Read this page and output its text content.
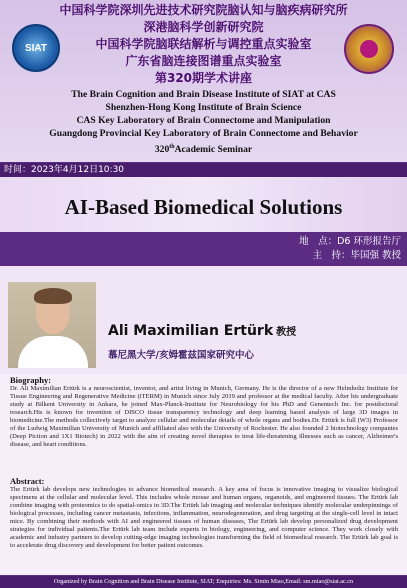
SIAT
中国科学院深圳先进技术研究院脑认知与脑疾病研究所
深港脑科学创新研究院
中国科学院脑联结解析与调控重点实验室
广东省脑连接图谱重点实验室
第320期学术讲座
The Brain Cognition and Brain Disease Institute of SIAT at CAS
Shenzhen-Hong Kong Institute of Brain Science
CAS Key Laboratory of Brain Connectome and Manipulation
Guangdong Provincial Key Laboratory of Brain Connectome and Behavior
320thAcademic Seminar
时间：2023年4月12日10:30
AI-Based Biomedical Solutions
地　点：D6 环形报告厅
主　持：毕国强 教授
Ali Maximilian Ertürk 教授
慕尼黑大学/亥姆霍兹国家研究中心
Biography:
Dr. Ali Maximilian Ertürk is a neuroscientist, inventor, and artist living in Munich, Germany. He is the director of a new Helmholtz Institute for Tissue Engineering and Regenerative Medicine (iTERM) in Munich since July 2019 and professor at the medical faculty. After his undergraduate study at Bilkent University in Ankara, he joined Max-Planck-Institute for Neurobiology for his PhD and Genentech Inc. for postdoctoral research.His is known for invention of DISCO tissue transparency technology and deep learning based analysis of large 3D images in biomedicine.The methods collectively target to analyze cellular and molecular details of whole organs and bodies.Dr. Ertürk is full (W3) Professor of the Ludwig Maximilian University of Munich and affiliated also with the University of Rochester. He also founded 2 biotechnology companies (Deep Piction and 1X1 Biotech) in 2022 with the aim of creating novel therapies to treat life-threatening illnesses such as cancer, Alzheimer's disease, and heart conditions.
Abstract:
The Ertürk lab develops new technologies to advance biomedical research. A key area of focus is innovative imaging to visualize biological specimens at the cellular and molecular level. This includes whole mouse and human organs, organoids, and engineered tissues. The Ertürk lab combine imaging with proteomics to do spatial-omics in 3D.The Ertürk lab imaging and molecular techniques identify molecular underpinnings of biological processes, including cancer metastasis, infections, inflammation, neurodegeneration, and drug targeting at the single-cell level in intact mice. By combining their methods with AI and engineered tissues of human diseases, The Ertürk lab develop personalized drug development strategies for individual patients.The Ertürk lab team include experts in biology, engineering, and computer science. They work closely with academic and industry partners to develop cutting-edge imaging technologies transforming the field of biomedical research. The Ertürk lab goal is to accelerate drug discovery and development for better patient outcomes.
Organized by Brain Cognition and Brain Disease Institute, SIAT; Enquiries: Ms. Simin Miao,Email: sm.miao@siat.ac.cn
